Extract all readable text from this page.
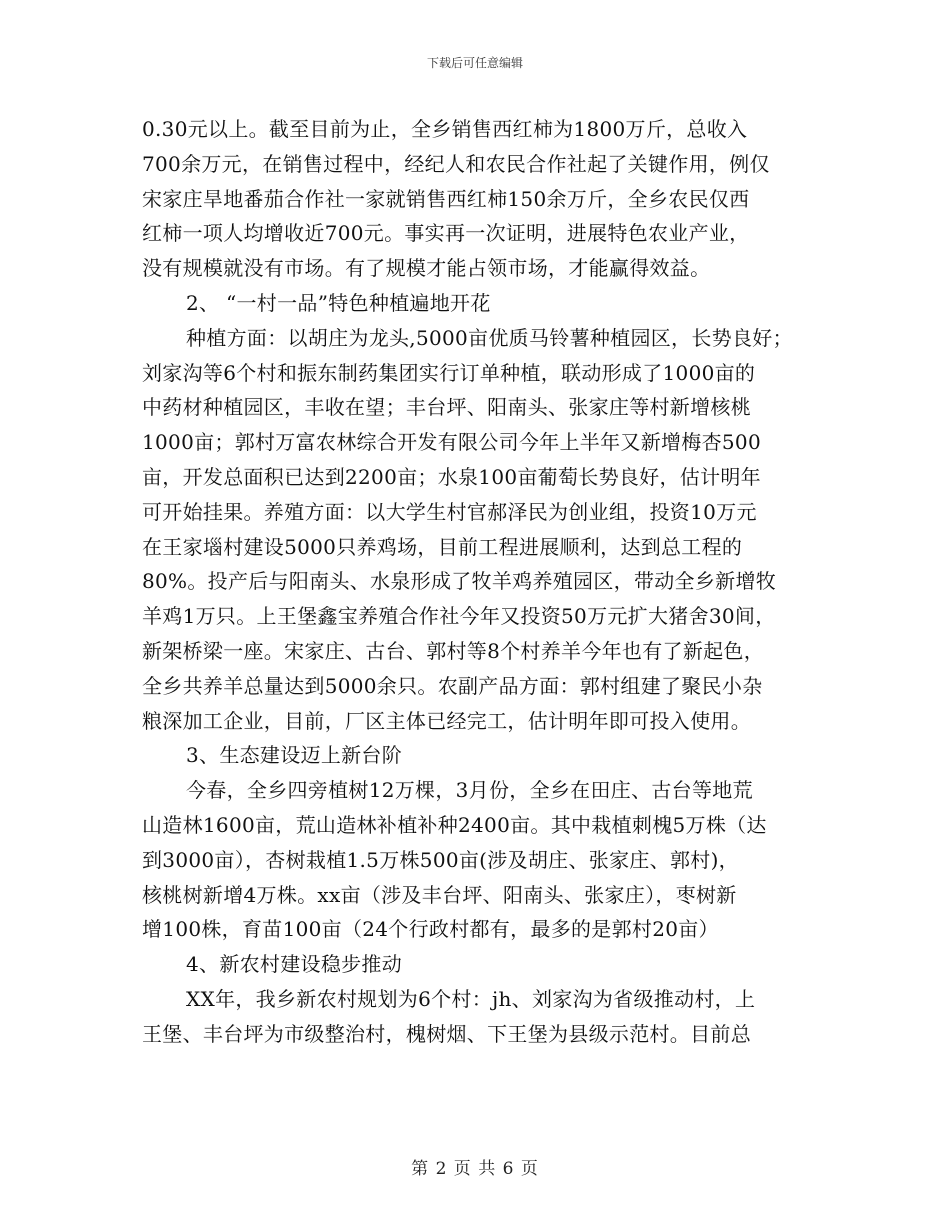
下载后可任意编辑
0.30元以上。截至目前为止，全乡销售西红柿为1800万斤，总收入
700余万元，在销售过程中，经纪人和农民合作社起了关键作用，例仅
宋家庄旱地番茄合作社一家就销售西红柿150余万斤，全乡农民仅西
红柿一项人均增收近700元。事实再一次证明，进展特色农业产业，
没有规模就没有市场。有了规模才能占领市场，才能赢得效益。
2、 “一村一品”特色种植遍地开花
种植方面：以胡庄为龙头,5000亩优质马铃薯种植园区，长势良好；
刘家沟等6个村和振东制药集团实行订单种植，联动形成了1000亩的
中药材种植园区，丰收在望；丰台坪、阳南头、张家庄等村新增核桃
1000亩；郭村万富农林综合开发有限公司今年上半年又新增梅杏500
亩，开发总面积已达到2200亩；水泉100亩葡萄长势良好，估计明年
可开始挂果。养殖方面：以大学生村官郝泽民为创业组，投资10万元
在王家堖村建设5000只养鸡场，目前工程进展顺利，达到总工程的
80%。投产后与阳南头、水泉形成了牧羊鸡养殖园区，带动全乡新增牧
羊鸡1万只。上王堡鑫宝养殖合作社今年又投资50万元扩大猪舍30间，
新架桥梁一座。宋家庄、古台、郭村等8个村养羊今年也有了新起色，
全乡共养羊总量达到5000余只。农副产品方面：郭村组建了聚民小杂
粮深加工企业，目前，厂区主体已经完工，估计明年即可投入使用。
3、生态建设迈上新台阶
今春，全乡四旁植树12万棵，3月份，全乡在田庄、古台等地荒
山造林1600亩，荒山造林补植补种2400亩。其中栽植刺槐5万株（达
到3000亩），杏树栽植1.5万株500亩(涉及胡庄、张家庄、郭村)，
核桃树新增4万株。xx亩（涉及丰台坪、阳南头、张家庄），枣树新
增100株，育苗100亩（24个行政村都有，最多的是郭村20亩）
4、新农村建设稳步推动
XX年，我乡新农村规划为6个村：jh、刘家沟为省级推动村，上
王堡、丰台坪为市级整治村，槐树烟、下王堡为县级示范村。目前总
第 2 页 共 6 页
